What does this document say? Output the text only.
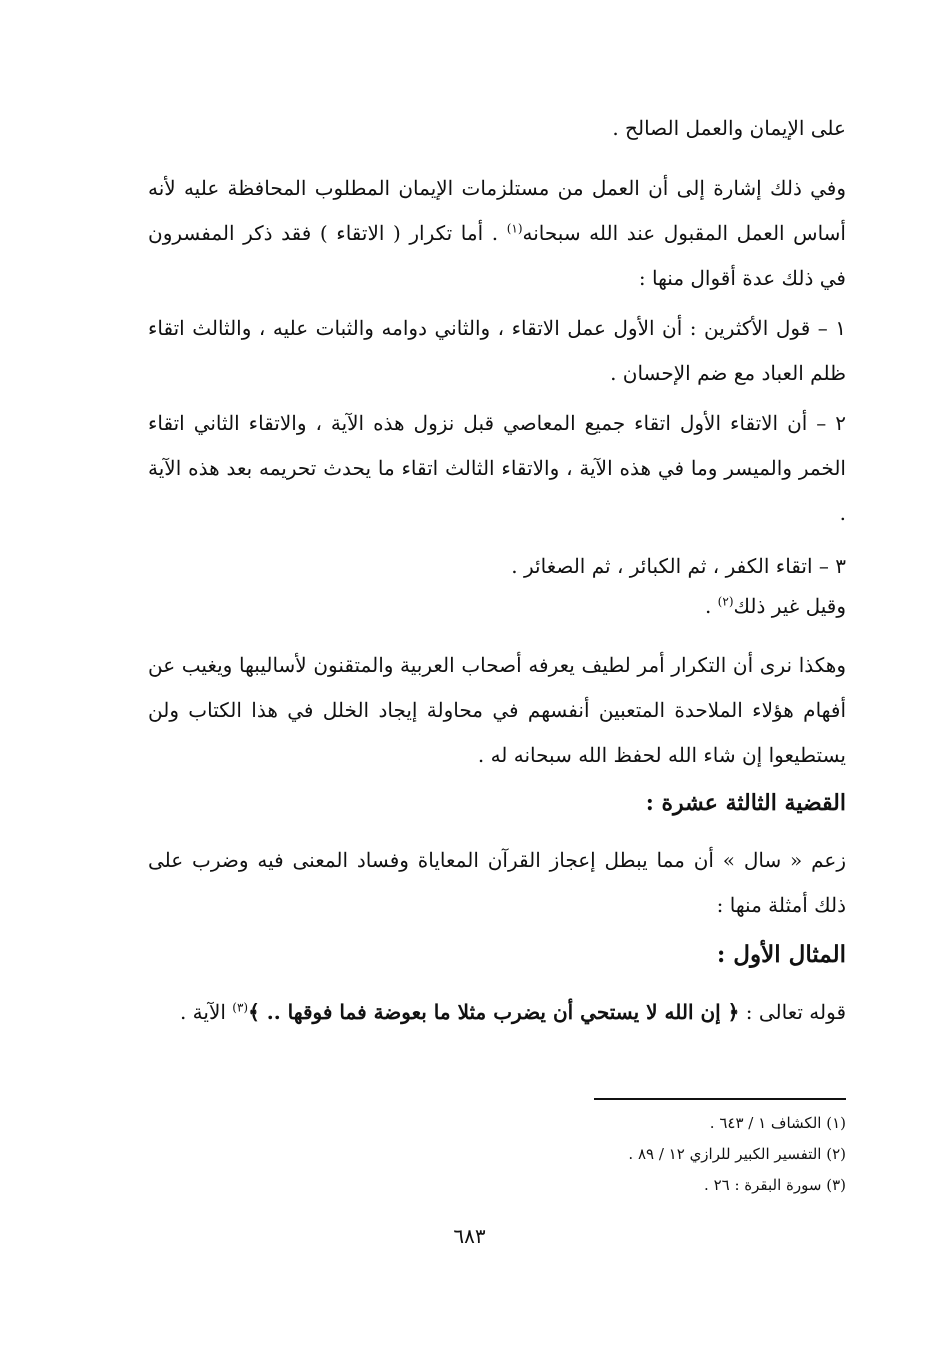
على الإيمان والعمل الصالح .
وفي ذلك إشارة إلى أن العمل من مستلزمات الإيمان المطلوب المحافظة عليه لأنه أساس العمل المقبول عند الله سبحانه$^{(١)}$ . أما تكرار ( الاتقاء ) فقد ذكر المفسرون في ذلك عدة أقوال منها :
١ – قول الأكثرين : أن الأول عمل الاتقاء ، والثاني دوامه والثبات عليه ، والثالث اتقاء ظلم العباد مع ضم الإحسان .
٢ – أن الاتقاء الأول اتقاء جميع المعاصي قبل نزول هذه الآية ، والاتقاء الثاني اتقاء الخمر والميسر وما في هذه الآية ، والاتقاء الثالث اتقاء ما يحدث تحريمه بعد هذه الآية .
٣ – اتقاء الكفر ، ثم الكبائر ، ثم الصغائر .
وقيل غير ذلك$^{(٢)}$ .
وهكذا نرى أن التكرار أمر لطيف يعرفه أصحاب العربية والمتقنون لأساليبها ويغيب عن أفهام هؤلاء الملاحدة المتعبين أنفسهم في محاولة إيجاد الخلل في هذا الكتاب ولن يستطيعوا إن شاء الله لحفظ الله سبحانه له .
القضية الثالثة عشرة :
زعم « سال » أن مما يبطل إعجاز القرآن المعاياة وفساد المعنى فيه وضرب على ذلك أمثلة منها :
المثال الأول :
قوله تعالى : ﴿ إن الله لا يستحي أن يضرب مثلا ما بعوضة فما فوقها .. ﴾$^{(٣)}$ الآية .
(١) الكشاف ١ / ٦٤٣ .
(٢) التفسير الكبير للرازي ١٢ / ٨٩ .
(٣) سورة البقرة : ٢٦ .
٦٨٣
